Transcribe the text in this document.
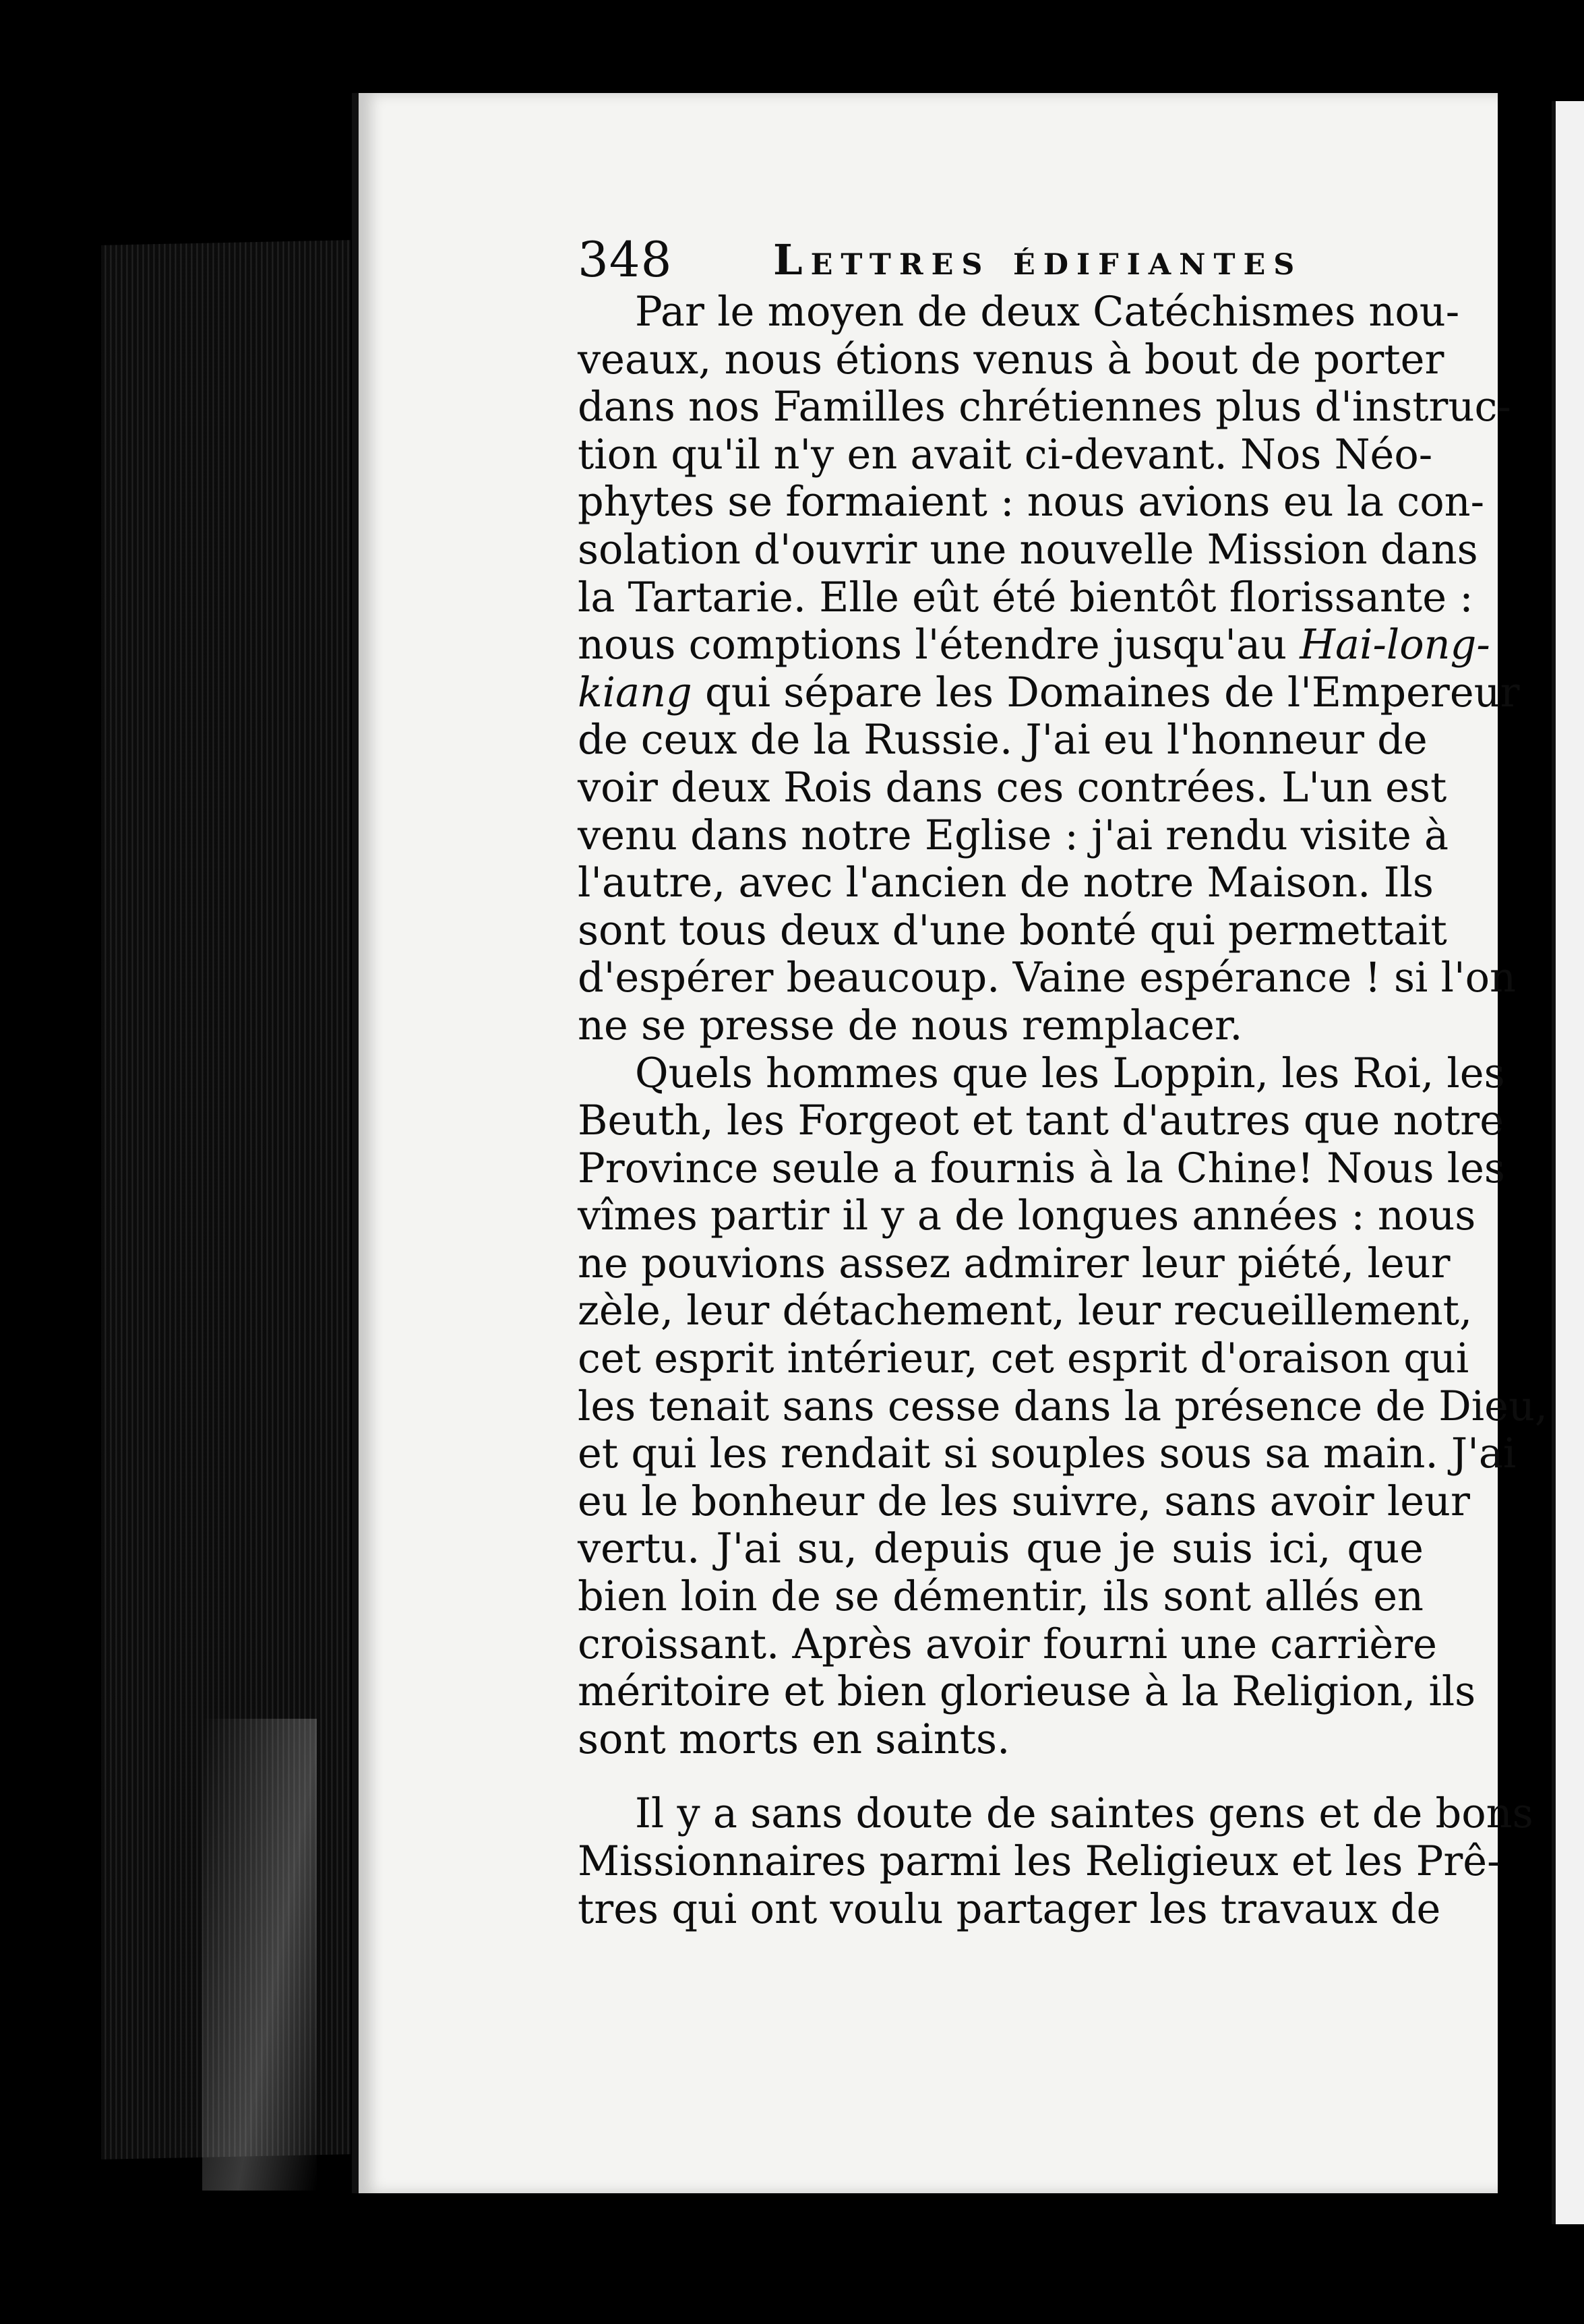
348 Lettres édifiantes
Par le moyen de deux Catéchismes nou-
veaux, nous étions venus à bout de porter
dans nos Familles chrétiennes plus d'instruc-
tion qu'il n'y en avait ci-devant. Nos Néo-
phytes se formaient : nous avions eu la con-
solation d'ouvrir une nouvelle Mission dans
la Tartarie. Elle eût été bientôt florissante :
nous comptions l'étendre jusqu'au Hai-long-
kiang qui sépare les Domaines de l'Empereur
de ceux de la Russie. J'ai eu l'honneur de
voir deux Rois dans ces contrées. L'un est
venu dans notre Eglise : j'ai rendu visite à
l'autre, avec l'ancien de notre Maison. Ils
sont tous deux d'une bonté qui permettait
d'espérer beaucoup. Vaine espérance ! si l'on
ne se presse de nous remplacer.
Quels hommes que les Loppin, les Roi, les
Beuth, les Forgeot et tant d'autres que notre
Province seule a fournis à la Chine! Nous les
vîmes partir il y a de longues années : nous
ne pouvions assez admirer leur piété, leur
zèle, leur détachement, leur recueillement,
cet esprit intérieur, cet esprit d'oraison qui
les tenait sans cesse dans la présence de Dieu,
et qui les rendait si souples sous sa main. J'ai
eu le bonheur de les suivre, sans avoir leur
vertu. J'ai su, depuis que je suis ici, que
bien loin de se démentir, ils sont allés en
croissant. Après avoir fourni une carrière
méritoire et bien glorieuse à la Religion, ils
sont morts en saints.
Il y a sans doute de saintes gens et de bons
Missionnaires parmi les Religieux et les Prê-
tres qui ont voulu partager les travaux de
